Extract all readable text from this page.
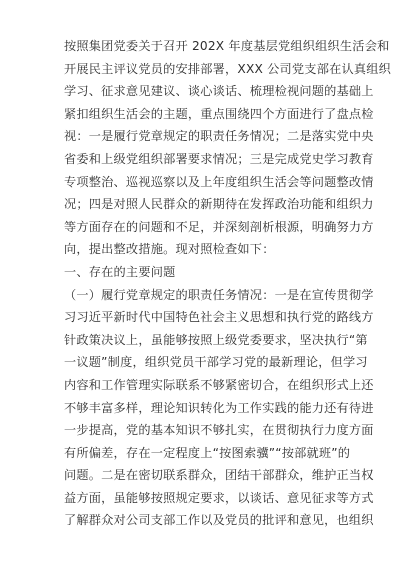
按照集团党委关于召开 202X 年度基层党组织组织生活会和
开展民主评议党员的安排部署，XXX 公司党支部在认真组织
学习、征求意见建议、谈心谈话、梳理检视问题的基础上
紧扣组织生活会的主题，重点围绕四个方面进行了盘点检
视：一是履行党章规定的职责任务情况；二是落实党中央
省委和上级党组织部署要求情况；三是完成党史学习教育
专项整治、巡视巡察以及上年度组织生活会等问题整改情
况；四是对照人民群众的新期待在发挥政治功能和组织力
等方面存在的问题和不足，并深刻剖析根源，明确努力方
向，提出整改措施。现对照检查如下：
一、存在的主要问题
（一）履行党章规定的职责任务情况：一是在宣传贯彻学
习习近平新时代中国特色社会主义思想和执行党的路线方
针政策决议上，虽能够按照上级党委要求，坚决执行“第
一议题”制度，组织党员干部学习党的最新理论，但学习
内容和工作管理实际联系不够紧密切合，在组织形式上还
不够丰富多样，理论知识转化为工作实践的能力还有待进
一步提高，党的基本知识不够扎实，在贯彻执行力度方面
有所偏差，存在一定程度上“按图索骥”“按部就班”的
问题。二是在密切联系群众，团结干部群众，维护正当权
益方面，虽能够按照规定要求，以谈话、意见征求等方式
了解群众对公司支部工作以及党员的批评和意见，也组织
